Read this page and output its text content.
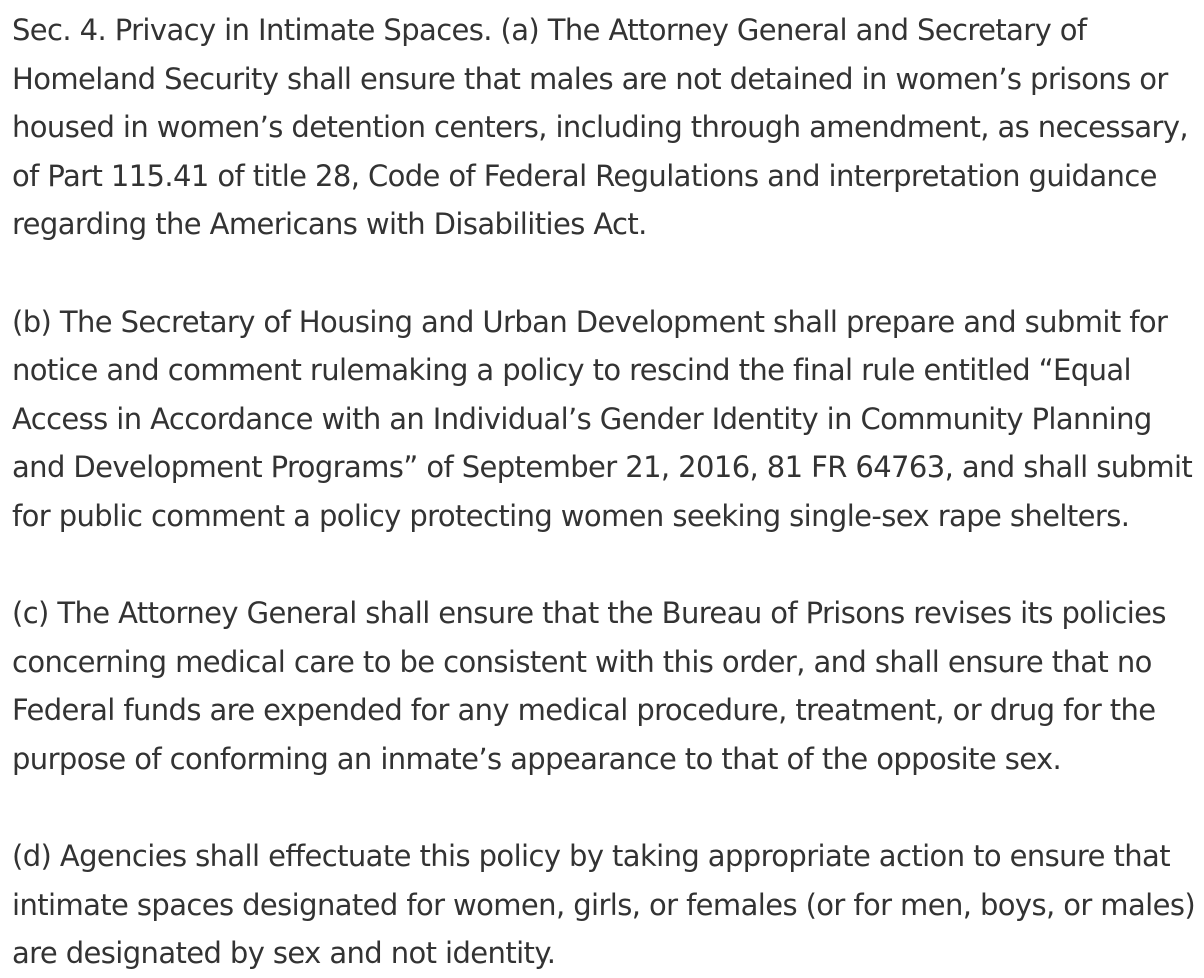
Sec. 4. Privacy in Intimate Spaces. (a) The Attorney General and Secretary of Homeland Security shall ensure that males are not detained in women’s prisons or housed in women’s detention centers, including through amendment, as necessary, of Part 115.41 of title 28, Code of Federal Regulations and interpretation guidance regarding the Americans with Disabilities Act.

(b) The Secretary of Housing and Urban Development shall prepare and submit for notice and comment rulemaking a policy to rescind the final rule entitled “Equal Access in Accordance with an Individual’s Gender Identity in Community Planning and Development Programs” of September 21, 2016, 81 FR 64763, and shall submit for public comment a policy protecting women seeking single-sex rape shelters.

(c) The Attorney General shall ensure that the Bureau of Prisons revises its policies concerning medical care to be consistent with this order, and shall ensure that no Federal funds are expended for any medical procedure, treatment, or drug for the purpose of conforming an inmate’s appearance to that of the opposite sex.

(d) Agencies shall effectuate this policy by taking appropriate action to ensure that intimate spaces designated for women, girls, or females (or for men, boys, or males) are designated by sex and not identity.
